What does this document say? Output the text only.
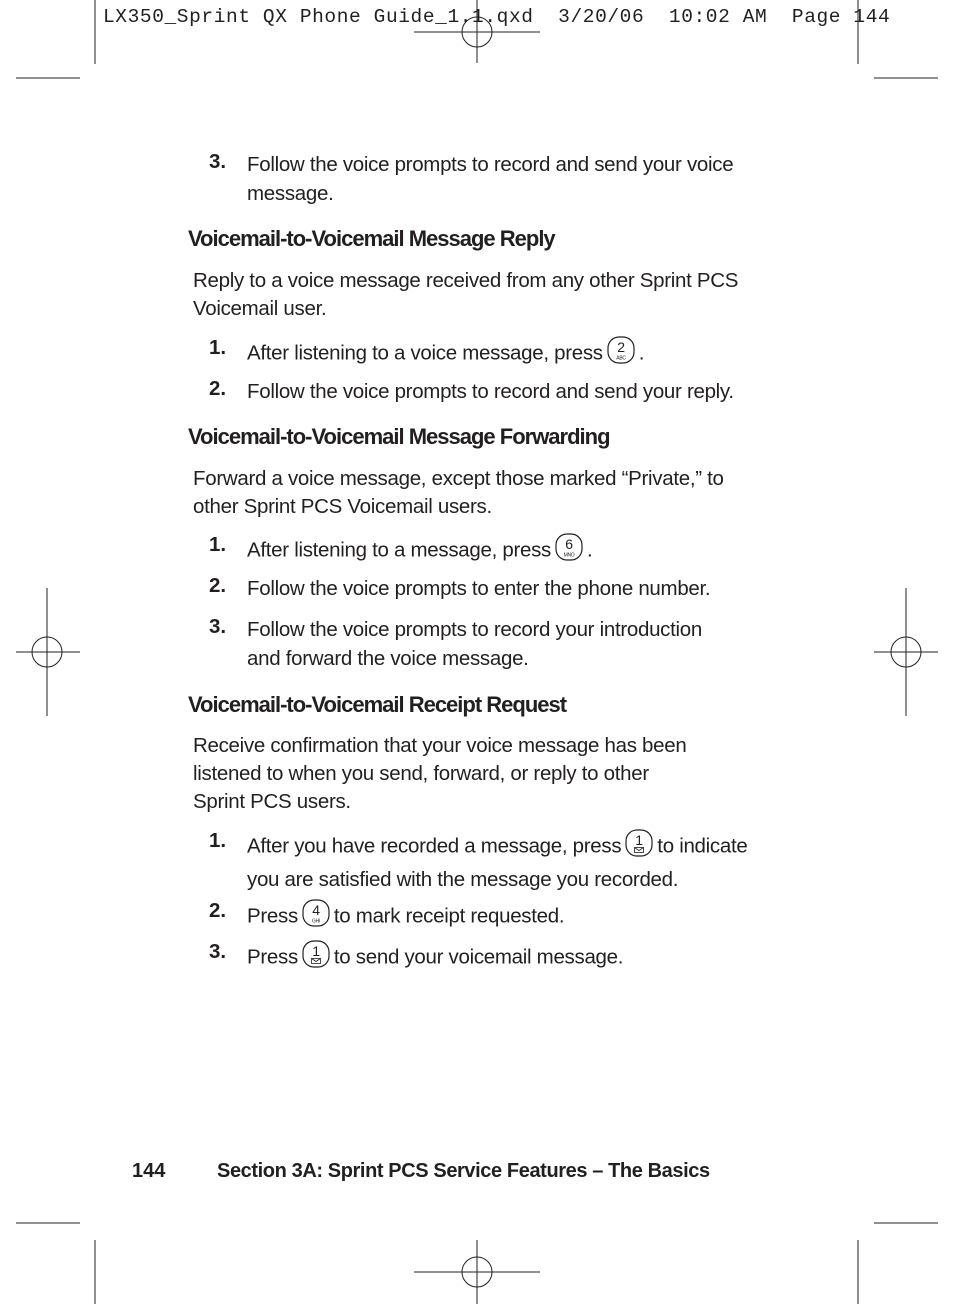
LX350_Sprint QX Phone Guide_1.1.qxd  3/20/06  10:02 AM  Page 144
3. Follow the voice prompts to record and send your voice message.
Voicemail-to-Voicemail Message Reply
Reply to a voice message received from any other Sprint PCS
Voicemail user.
1. After listening to a voice message, press 2
ABC .
2. Follow the voice prompts to record and send your reply.
Voicemail-to-Voicemail Message Forwarding
Forward a voice message, except those marked “Private,” to
other Sprint PCS Voicemail users.
1. After listening to a message, press 6
MNO .
2. Follow the voice prompts to enter the phone number.
3. Follow the voice prompts to record your introduction
and forward the voice message.
Voicemail-to-Voicemail Receipt Request
Receive confirmation that your voice message has been
listened to when you send, forward, or reply to other
Sprint PCS users.
1. After you have recorded a message, press 1 to indicate
you are satisfied with the message you recorded.
2. Press 4
GHI to mark receipt requested.
3. Press 1 to send your voicemail message.
144	Section 3A: Sprint PCS Service Features – The Basics
